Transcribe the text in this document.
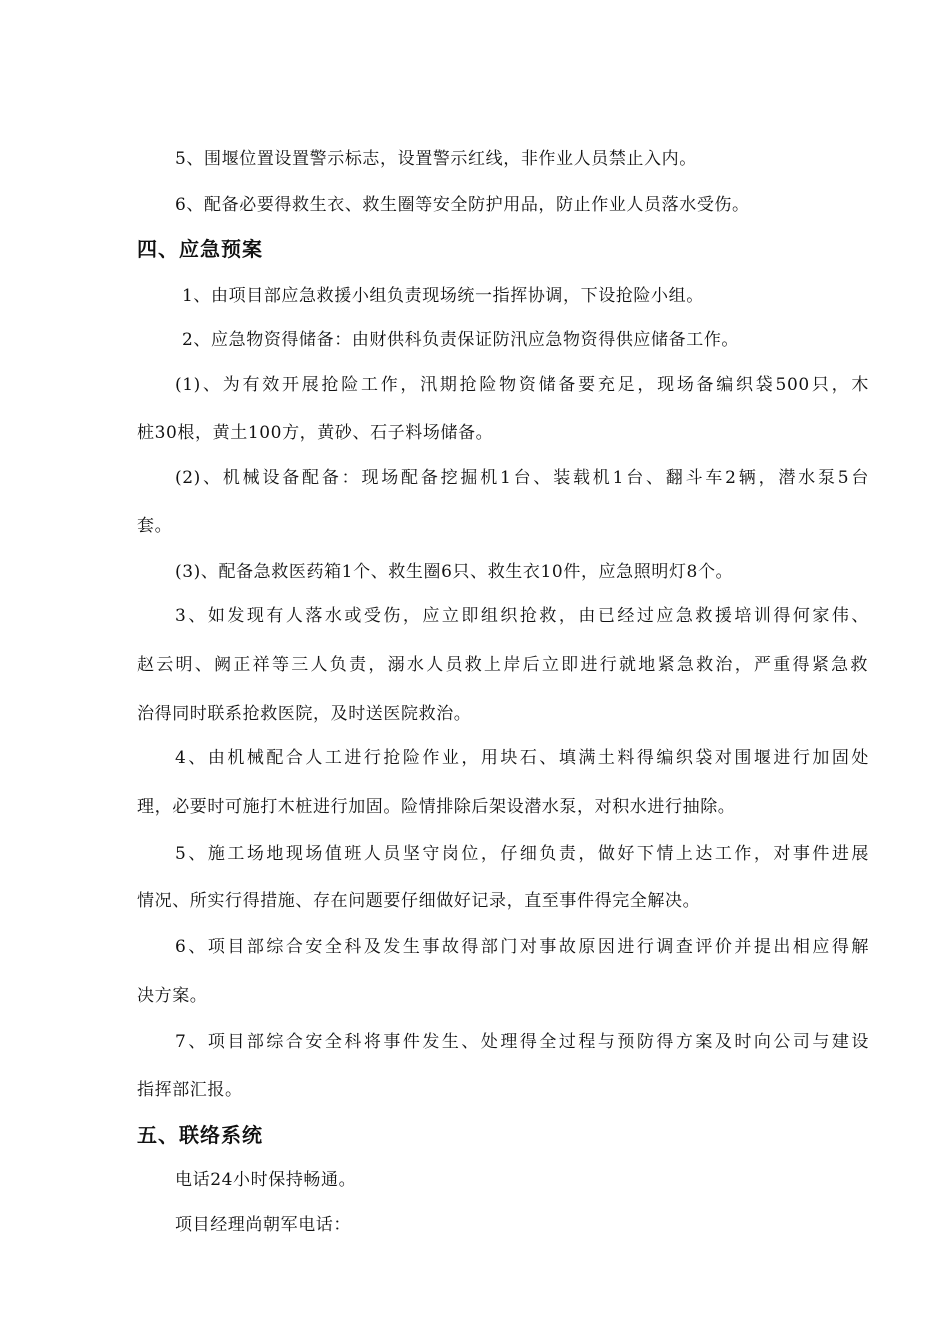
5、围堰位置设置警示标志，设置警示红线，非作业人员禁止入内。
6、配备必要得救生衣、救生圈等安全防护用品，防止作业人员落水受伤。
四、应急预案
1、由项目部应急救援小组负责现场统一指挥协调，下设抢险小组。
2、应急物资得储备：由财供科负责保证防汛应急物资得供应储备工作。
(1)、为有效开展抢险工作，汛期抢险物资储备要充足，现场备编织袋500只，木
桩30根，黄土100方，黄砂、石子料场储备。
(2)、机械设备配备：现场配备挖掘机1台、装载机1台、翻斗车2辆，潜水泵5台
套。
(3)、配备急救医药箱1个、救生圈6只、救生衣10件，应急照明灯8个。
3、如发现有人落水或受伤，应立即组织抢救，由已经过应急救援培训得何家伟、
赵云明、阙正祥等三人负责，溺水人员救上岸后立即进行就地紧急救治，严重得紧急救
治得同时联系抢救医院，及时送医院救治。
4、由机械配合人工进行抢险作业，用块石、填满土料得编织袋对围堰进行加固处
理，必要时可施打木桩进行加固。险情排除后架设潜水泵，对积水进行抽除。
5、施工场地现场值班人员坚守岗位，仔细负责，做好下情上达工作，对事件进展
情况、所实行得措施、存在问题要仔细做好记录，直至事件得完全解决。
6、项目部综合安全科及发生事故得部门对事故原因进行调查评价并提出相应得解
决方案。
7、项目部综合安全科将事件发生、处理得全过程与预防得方案及时向公司与建设
指挥部汇报。
五、联络系统
电话24小时保持畅通。
项目经理尚朝军电话：
